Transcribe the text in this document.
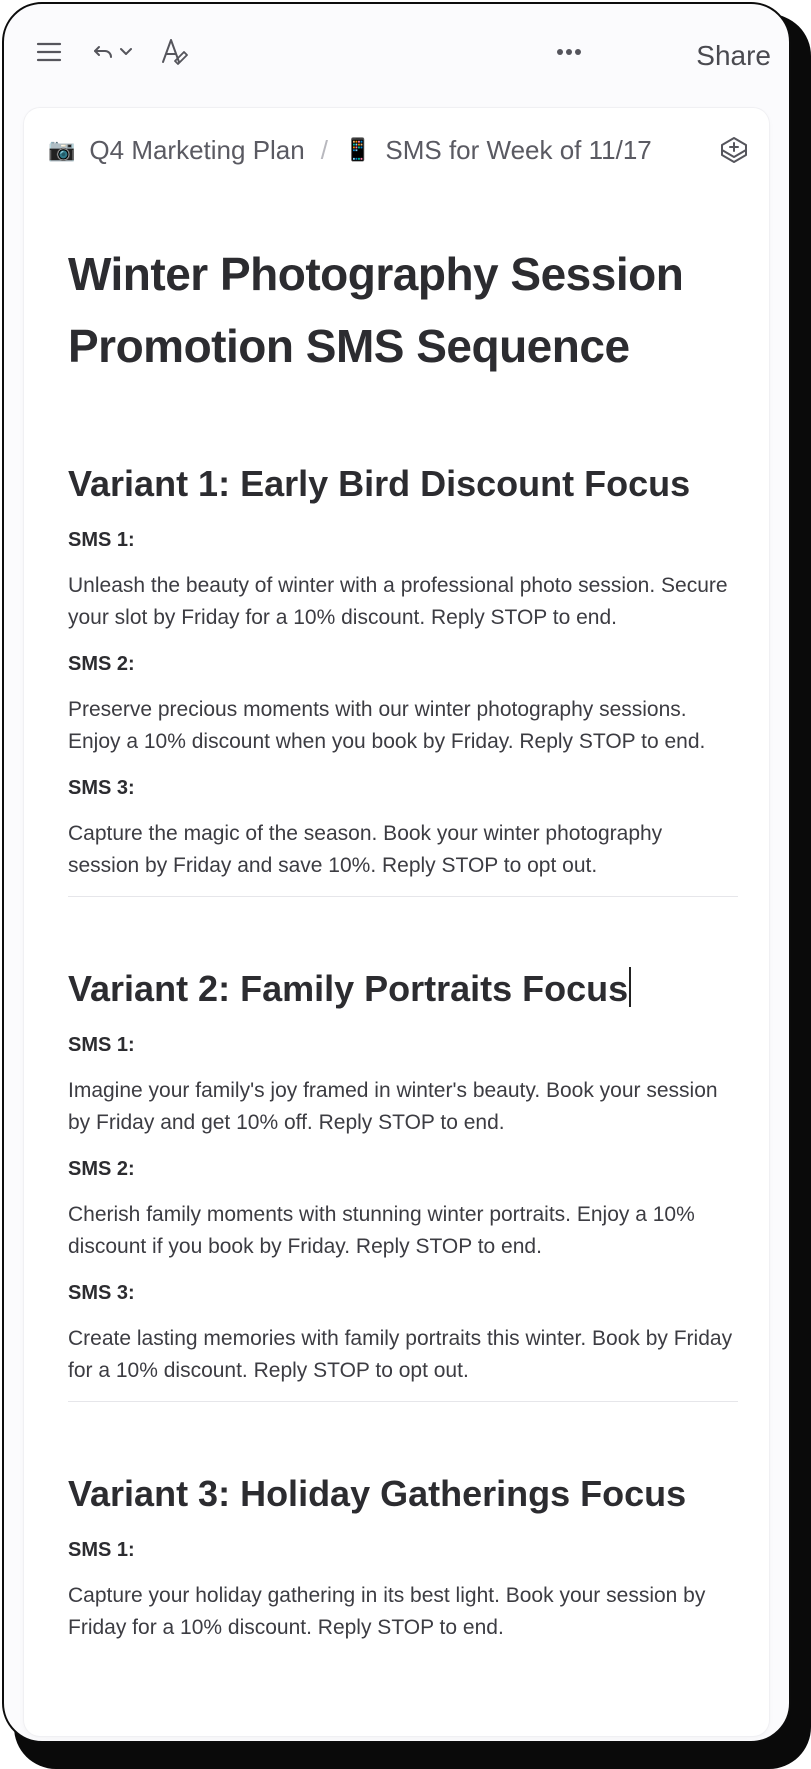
Share
📷 Q4 Marketing Plan / 📱 SMS for Week of 11/17
Winter Photography Session Promotion SMS Sequence
Variant 1: Early Bird Discount Focus
SMS 1:
Unleash the beauty of winter with a professional photo session. Secure your slot by Friday for a 10% discount. Reply STOP to end.
SMS 2:
Preserve precious moments with our winter photography sessions. Enjoy a 10% discount when you book by Friday. Reply STOP to end.
SMS 3:
Capture the magic of the season. Book your winter photography session by Friday and save 10%. Reply STOP to opt out.
Variant 2: Family Portraits Focus
SMS 1:
Imagine your family's joy framed in winter's beauty. Book your session by Friday and get 10% off. Reply STOP to end.
SMS 2:
Cherish family moments with stunning winter portraits. Enjoy a 10% discount if you book by Friday. Reply STOP to end.
SMS 3:
Create lasting memories with family portraits this winter. Book by Friday for a 10% discount. Reply STOP to opt out.
Variant 3: Holiday Gatherings Focus
SMS 1:
Capture your holiday gathering in its best light. Book your session by Friday for a 10% discount. Reply STOP to end.
